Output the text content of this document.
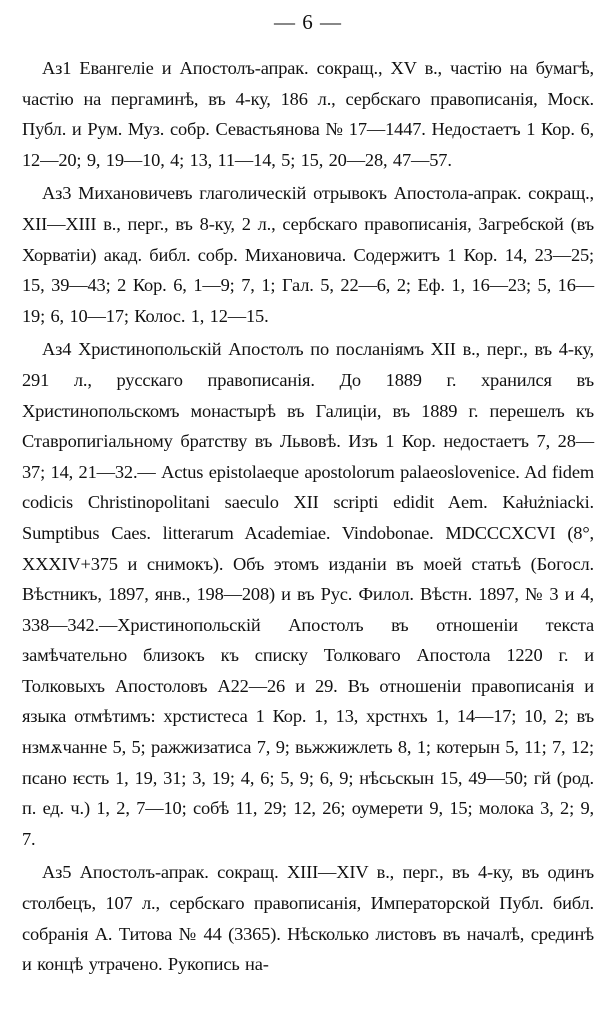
— 6 —

Аз1 Евангеліе и Апостолъ-апрак. сокращ., XV в., частію на бумагѣ, частію на пергаминѣ, въ 4-ку, 186 л., сербскаго правописанія, Моск. Публ. и Рум. Муз. собр. Севастьянова № 17—1447. Недостаетъ 1 Кор. 6, 12—20; 9, 19—10, 4; 13, 11—14, 5; 15, 20—28, 47—57.

Аз3 Михановичевъ глаголическій отрывокъ Апостола-апрак. сокращ., XII—XIII в., перг., въ 8-ку, 2 л., сербскаго правописанія, Загребской (въ Хорватіи) акад. библ. собр. Михановича. Содержитъ 1 Кор. 14, 23—25; 15, 39—43; 2 Кор. 6, 1—9; 7, 1; Гал. 5, 22—6, 2; Еф. 1, 16—23; 5, 16—19; 6, 10—17; Колос. 1, 12—15.

Аз4 Христинопольскій Апостолъ по посланіямъ XII в., перг., въ 4-ку, 291 л., русскаго правописанія. До 1889 г. хранился въ Христинопольскомъ монастырѣ въ Галиціи, въ 1889 г. перешелъ къ Ставропигіальному братству въ Львовѣ. Изъ 1 Кор. недостаетъ 7, 28—37; 14, 21—32.— Actus epistolaeque apostolorum palaeoslovenice. Ad fidem codicis Christinopolitani saeculo XII scripti edidit Aem. Kałużniacki. Sumptibus Caes. litterarum Academiae. Vindobonae. MDCCCXCVI (8°, XXXIV+375 и снимокъ). Объ этомъ изданіи въ моей статьѣ (Богосл. Вѣстникъ, 1897, янв., 198—208) и въ Рус. Филол. Вѣстн. 1897, № 3 и 4, 338—342.—Христинопольскій Апостолъ въ отношеніи текста замѣчательно близокъ къ списку Толковаго Апостола 1220 г. и Толковыхъ Апостоловъ А22—26 и 29. Въ отношеніи правописанія и языка отмѣтимъ: хрстистеса 1 Кор. 1, 13, хрстнхъ 1, 14—17; 10, 2; въ нзмѫчанне 5, 5; ражжизатиса 7, 9; вьжжижлеть 8, 1; котерын 5, 11; 7, 12; псано ѥсть 1, 19, 31; 3, 19; 4, 6; 5, 9; 6, 9; нѣсьскын 15, 49—50; гй (род. п. ед. ч.) 1, 2, 7—10; собѣ 11, 29; 12, 26; оумерети 9, 15; молока 3, 2; 9, 7.

Аз5 Апостолъ-апрак. сокращ. XIII—XIV в., перг., въ 4-ку, въ одинъ столбецъ, 107 л., сербскаго правописанія, Императорской Публ. библ. собранія А. Титова № 44 (3365). Нѣсколько листовъ въ началѣ, срединѣ и концѣ утрачено. Рукопись на-
